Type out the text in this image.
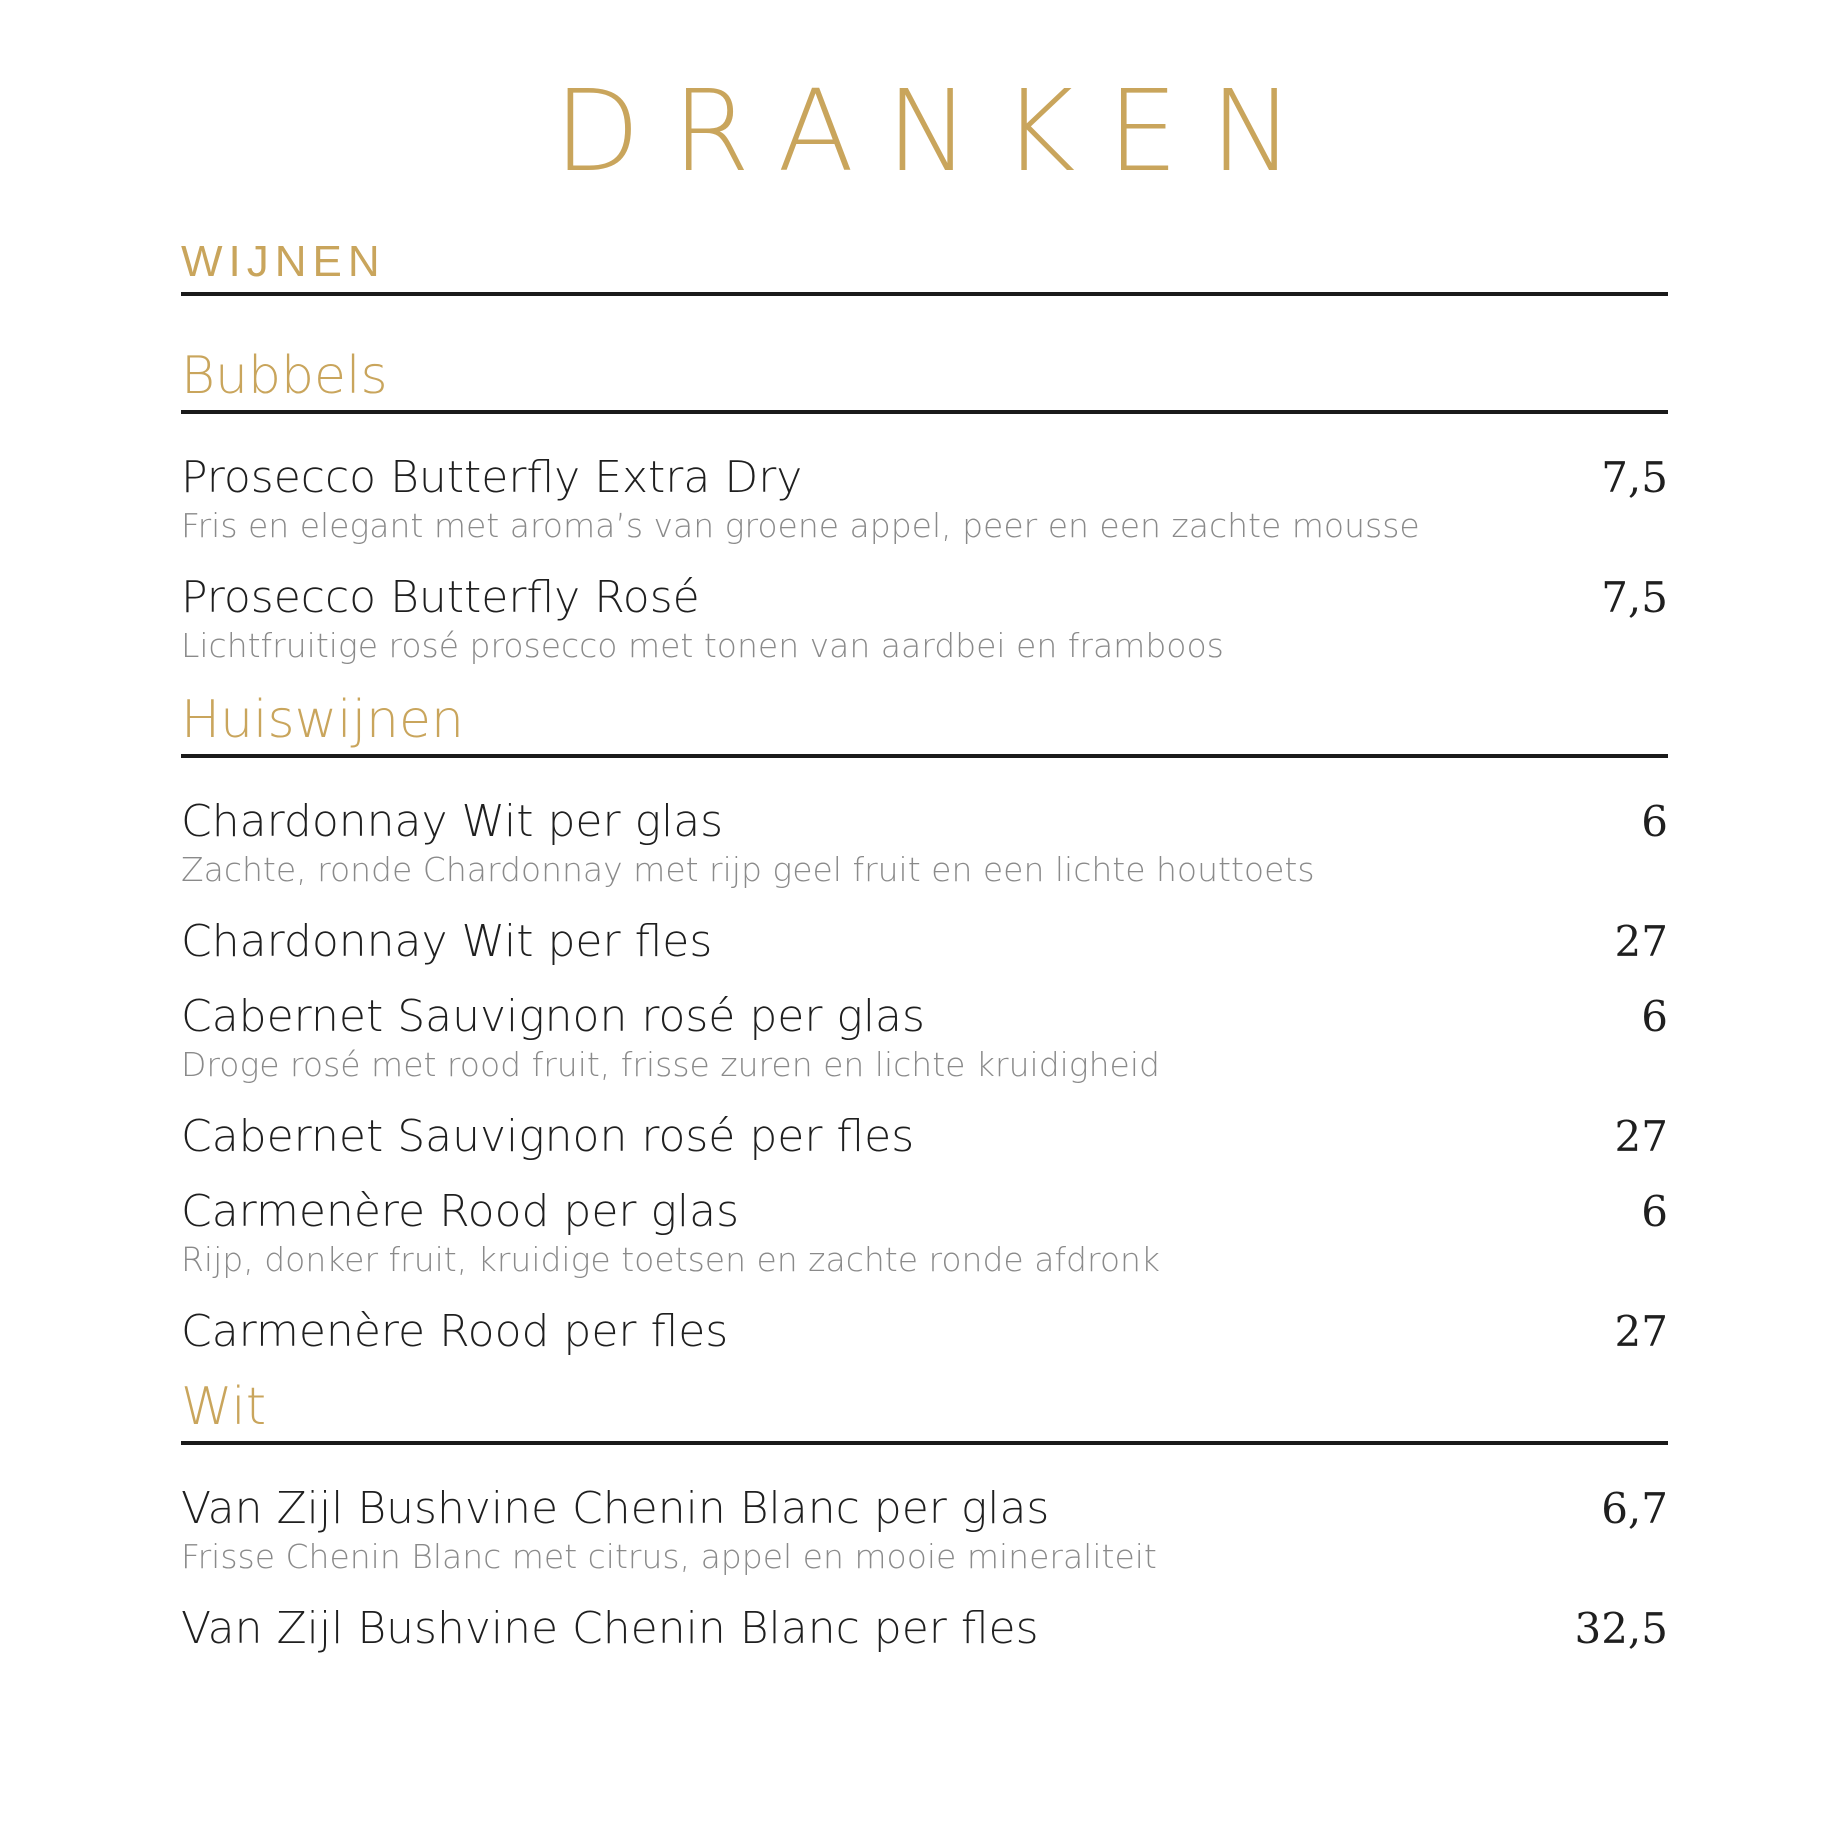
DRANKEN
WIJNEN
Bubbels
Prosecco Butterfly Extra Dry	7,5
Fris en elegant met aroma’s van groene appel, peer en een zachte mousse
Prosecco Butterfly Rosé	7,5
Lichtfruitige rosé prosecco met tonen van aardbei en framboos
Huiswijnen
Chardonnay Wit per glas	6
Zachte, ronde Chardonnay met rijp geel fruit en een lichte houttoets
Chardonnay Wit per fles	27
Cabernet Sauvignon rosé per glas	6
Droge rosé met rood fruit, frisse zuren en lichte kruidigheid
Cabernet Sauvignon rosé per fles	27
Carmenère Rood per glas	6
Rijp, donker fruit, kruidige toetsen en zachte ronde afdronk
Carmenère Rood per fles	27
Wit
Van Zijl Bushvine Chenin Blanc per glas	6,7
Frisse Chenin Blanc met citrus, appel en mooie mineraliteit
Van Zijl Bushvine Chenin Blanc per fles	32,5
